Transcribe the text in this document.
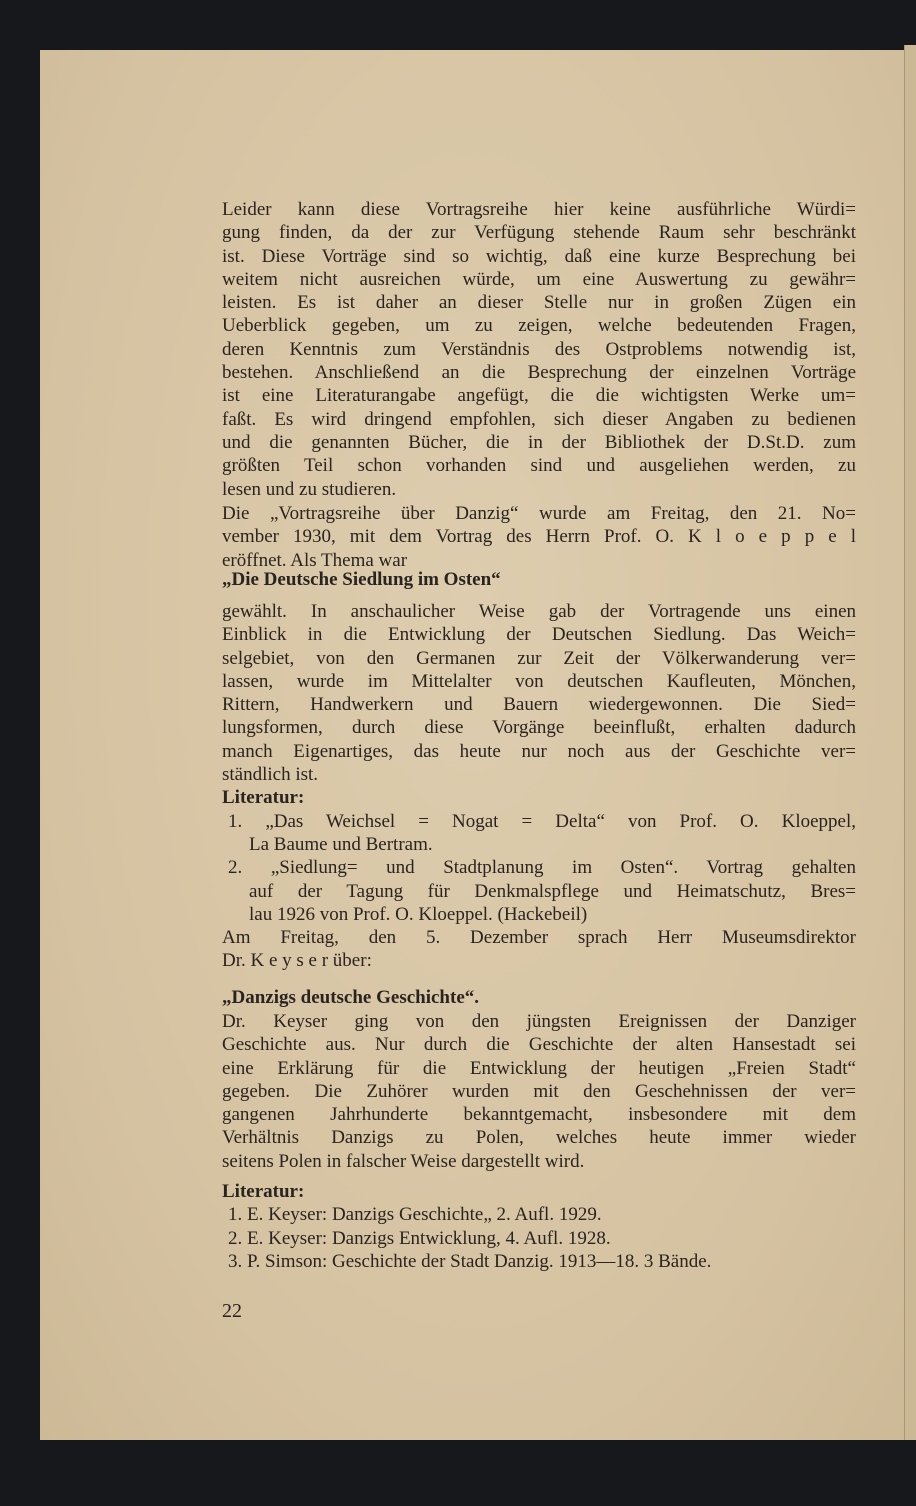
Leider kann diese Vortragsreihe hier keine ausführliche Würdi=
gung finden, da der zur Verfügung stehende Raum sehr beschränkt
ist. Diese Vorträge sind so wichtig, daß eine kurze Besprechung bei
weitem nicht ausreichen würde, um eine Auswertung zu gewähr=
leisten. Es ist daher an dieser Stelle nur in großen Zügen ein
Ueberblick gegeben, um zu zeigen, welche bedeutenden Fragen,
deren Kenntnis zum Verständnis des Ostproblems notwendig ist,
bestehen. Anschließend an die Besprechung der einzelnen Vorträge
ist eine Literaturangabe angefügt, die die wichtigsten Werke um=
faßt. Es wird dringend empfohlen, sich dieser Angaben zu bedienen
und die genannten Bücher, die in der Bibliothek der D.St.D. zum
größten Teil schon vorhanden sind und ausgeliehen werden, zu
lesen und zu studieren.
Die „Vortragsreihe über Danzig“ wurde am Freitag, den 21. No=
vember 1930, mit dem Vortrag des Herrn Prof. O. K l o e p p e l
eröffnet. Als Thema war
„Die Deutsche Siedlung im Osten“
gewählt. In anschaulicher Weise gab der Vortragende uns einen
Einblick in die Entwicklung der Deutschen Siedlung. Das Weich=
selgebiet, von den Germanen zur Zeit der Völkerwanderung ver=
lassen, wurde im Mittelalter von deutschen Kaufleuten, Mönchen,
Rittern, Handwerkern und Bauern wiedergewonnen. Die Sied=
lungsformen, durch diese Vorgänge beeinflußt, erhalten dadurch
manch Eigenartiges, das heute nur noch aus der Geschichte ver=
ständlich ist.
Literatur:
1. „Das Weichsel = Nogat = Delta“ von Prof. O. Kloeppel,
La Baume und Bertram.
2. „Siedlung= und Stadtplanung im Osten“. Vortrag gehalten
auf der Tagung für Denkmalspflege und Heimatschutz, Bres=
lau 1926 von Prof. O. Kloeppel. (Hackebeil)
Am Freitag, den 5. Dezember sprach Herr Museumsdirektor
Dr. K e y s e r über:
„Danzigs deutsche Geschichte“.
Dr. Keyser ging von den jüngsten Ereignissen der Danziger
Geschichte aus. Nur durch die Geschichte der alten Hansestadt sei
eine Erklärung für die Entwicklung der heutigen „Freien Stadt“
gegeben. Die Zuhörer wurden mit den Geschehnissen der ver=
gangenen Jahrhunderte bekanntgemacht, insbesondere mit dem
Verhältnis Danzigs zu Polen, welches heute immer wieder
seitens Polen in falscher Weise dargestellt wird.
Literatur:
1. E. Keyser: Danzigs Geschichte„ 2. Aufl. 1929.
2. E. Keyser: Danzigs Entwicklung, 4. Aufl. 1928.
3. P. Simson: Geschichte der Stadt Danzig. 1913—18. 3 Bände.
22
